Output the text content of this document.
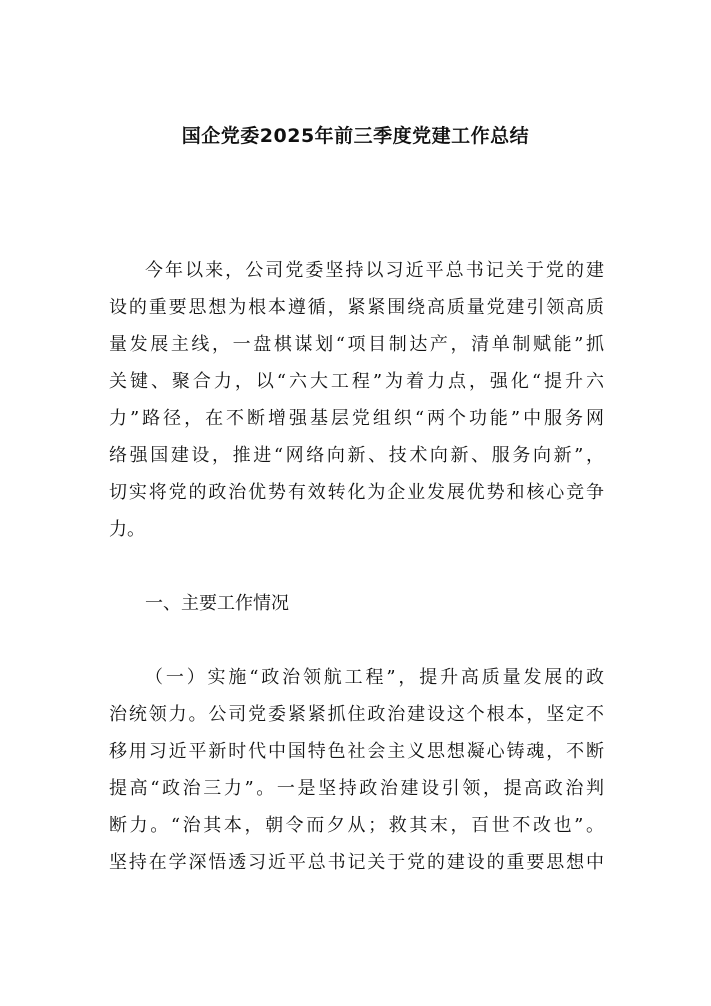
国企党委2025年前三季度党建工作总结
今年以来，公司党委坚持以习近平总书记关于党的建
设的重要思想为根本遵循，紧紧围绕高质量党建引领高质
量发展主线，一盘棋谋划“项目制达产，清单制赋能”抓
关键、聚合力，以“六大工程”为着力点，强化“提升六
力”路径，在不断增强基层党组织“两个功能”中服务网
络强国建设，推进“网络向新、技术向新、服务向新”，
切实将党的政治优势有效转化为企业发展优势和核心竞争
力。
一、主要工作情况
（一）实施“政治领航工程”，提升高质量发展的政
治统领力。公司党委紧紧抓住政治建设这个根本，坚定不
移用习近平新时代中国特色社会主义思想凝心铸魂，不断
提高“政治三力”。一是坚持政治建设引领，提高政治判
断力。“治其本，朝令而夕从；救其末，百世不改也”。
坚持在学深悟透习近平总书记关于党的建设的重要思想中
